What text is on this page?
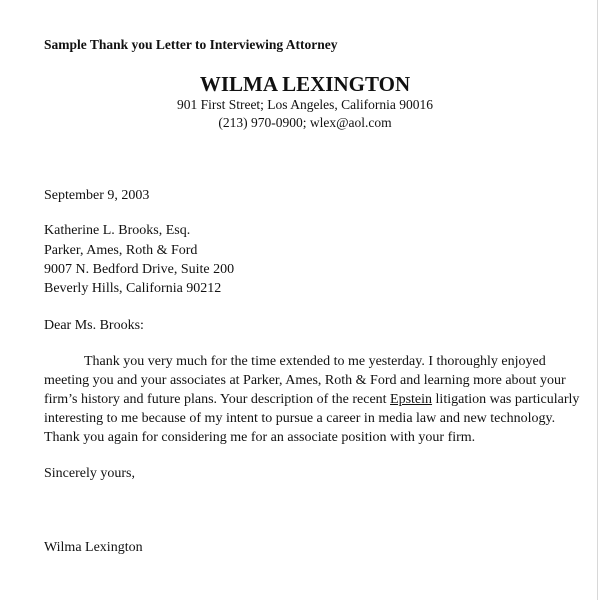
Sample Thank you Letter to Interviewing Attorney
WILMA LEXINGTON
901 First Street; Los Angeles, California 90016
(213) 970-0900; wlex@aol.com
September 9, 2003
Katherine L. Brooks, Esq.
Parker, Ames, Roth & Ford
9007 N. Bedford Drive, Suite 200
Beverly Hills, California 90212
Dear Ms. Brooks:
Thank you very much for the time extended to me yesterday. I thoroughly enjoyed
meeting you and your associates at Parker, Ames, Roth & Ford and learning more about your
firm’s history and future plans. Your description of the recent Epstein litigation was particularly
interesting to me because of my intent to pursue a career in media law and new technology.
Thank you again for considering me for an associate position with your firm.
Sincerely yours,
Wilma Lexington
